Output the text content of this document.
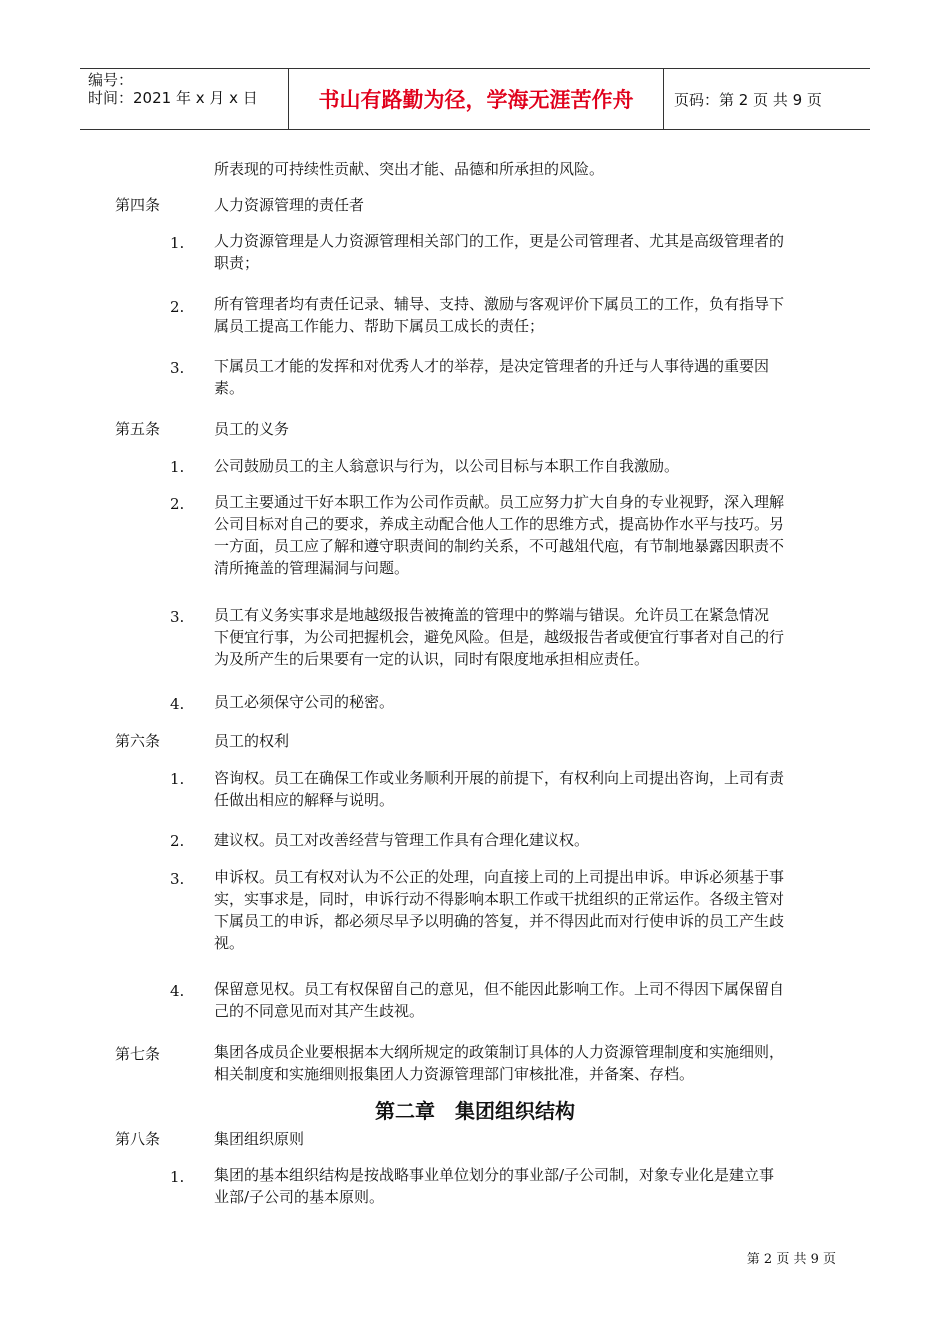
编号：
时间：2021 年 x 月 x 日	书山有路勤为径，学海无涯苦作舟	页码：第 2 页 共 9 页
所表现的可持续性贡献、突出才能、品德和所承担的风险。
第四条	人力资源管理的责任者
1.	人力资源管理是人力资源管理相关部门的工作，更是公司管理者、尤其是高级管理者的
职责；
2.	所有管理者均有责任记录、辅导、支持、激励与客观评价下属员工的工作，负有指导下
属员工提高工作能力、帮助下属员工成长的责任；
3.	下属员工才能的发挥和对优秀人才的举荐，是决定管理者的升迁与人事待遇的重要因
素。
第五条	员工的义务
1.	公司鼓励员工的主人翁意识与行为，以公司目标与本职工作自我激励。
2.	员工主要通过干好本职工作为公司作贡献。员工应努力扩大自身的专业视野，深入理解
公司目标对自己的要求，养成主动配合他人工作的思维方式，提高协作水平与技巧。另
一方面，员工应了解和遵守职责间的制约关系，不可越俎代庖，有节制地暴露因职责不
清所掩盖的管理漏洞与问题。
3.	员工有义务实事求是地越级报告被掩盖的管理中的弊端与错误。允许员工在紧急情况
下便宜行事，为公司把握机会，避免风险。但是，越级报告者或便宜行事者对自己的行
为及所产生的后果要有一定的认识，同时有限度地承担相应责任。
4.	员工必须保守公司的秘密。
第六条	员工的权利
1.	咨询权。员工在确保工作或业务顺利开展的前提下，有权利向上司提出咨询，上司有责
任做出相应的解释与说明。
2.	建议权。员工对改善经营与管理工作具有合理化建议权。
3.	申诉权。员工有权对认为不公正的处理，向直接上司的上司提出申诉。申诉必须基于事
实，实事求是，同时，申诉行动不得影响本职工作或干扰组织的正常运作。各级主管对
下属员工的申诉，都必须尽早予以明确的答复，并不得因此而对行使申诉的员工产生歧
视。
4.	保留意见权。员工有权保留自己的意见，但不能因此影响工作。上司不得因下属保留自
己的不同意见而对其产生歧视。
第七条	集团各成员企业要根据本大纲所规定的政策制订具体的人力资源管理制度和实施细则，
相关制度和实施细则报集团人力资源管理部门审核批准，并备案、存档。
第二章　集团组织结构
第八条	集团组织原则
1.	集团的基本组织结构是按战略事业单位划分的事业部/子公司制，对象专业化是建立事
业部/子公司的基本原则。
第 2 页 共 9 页
